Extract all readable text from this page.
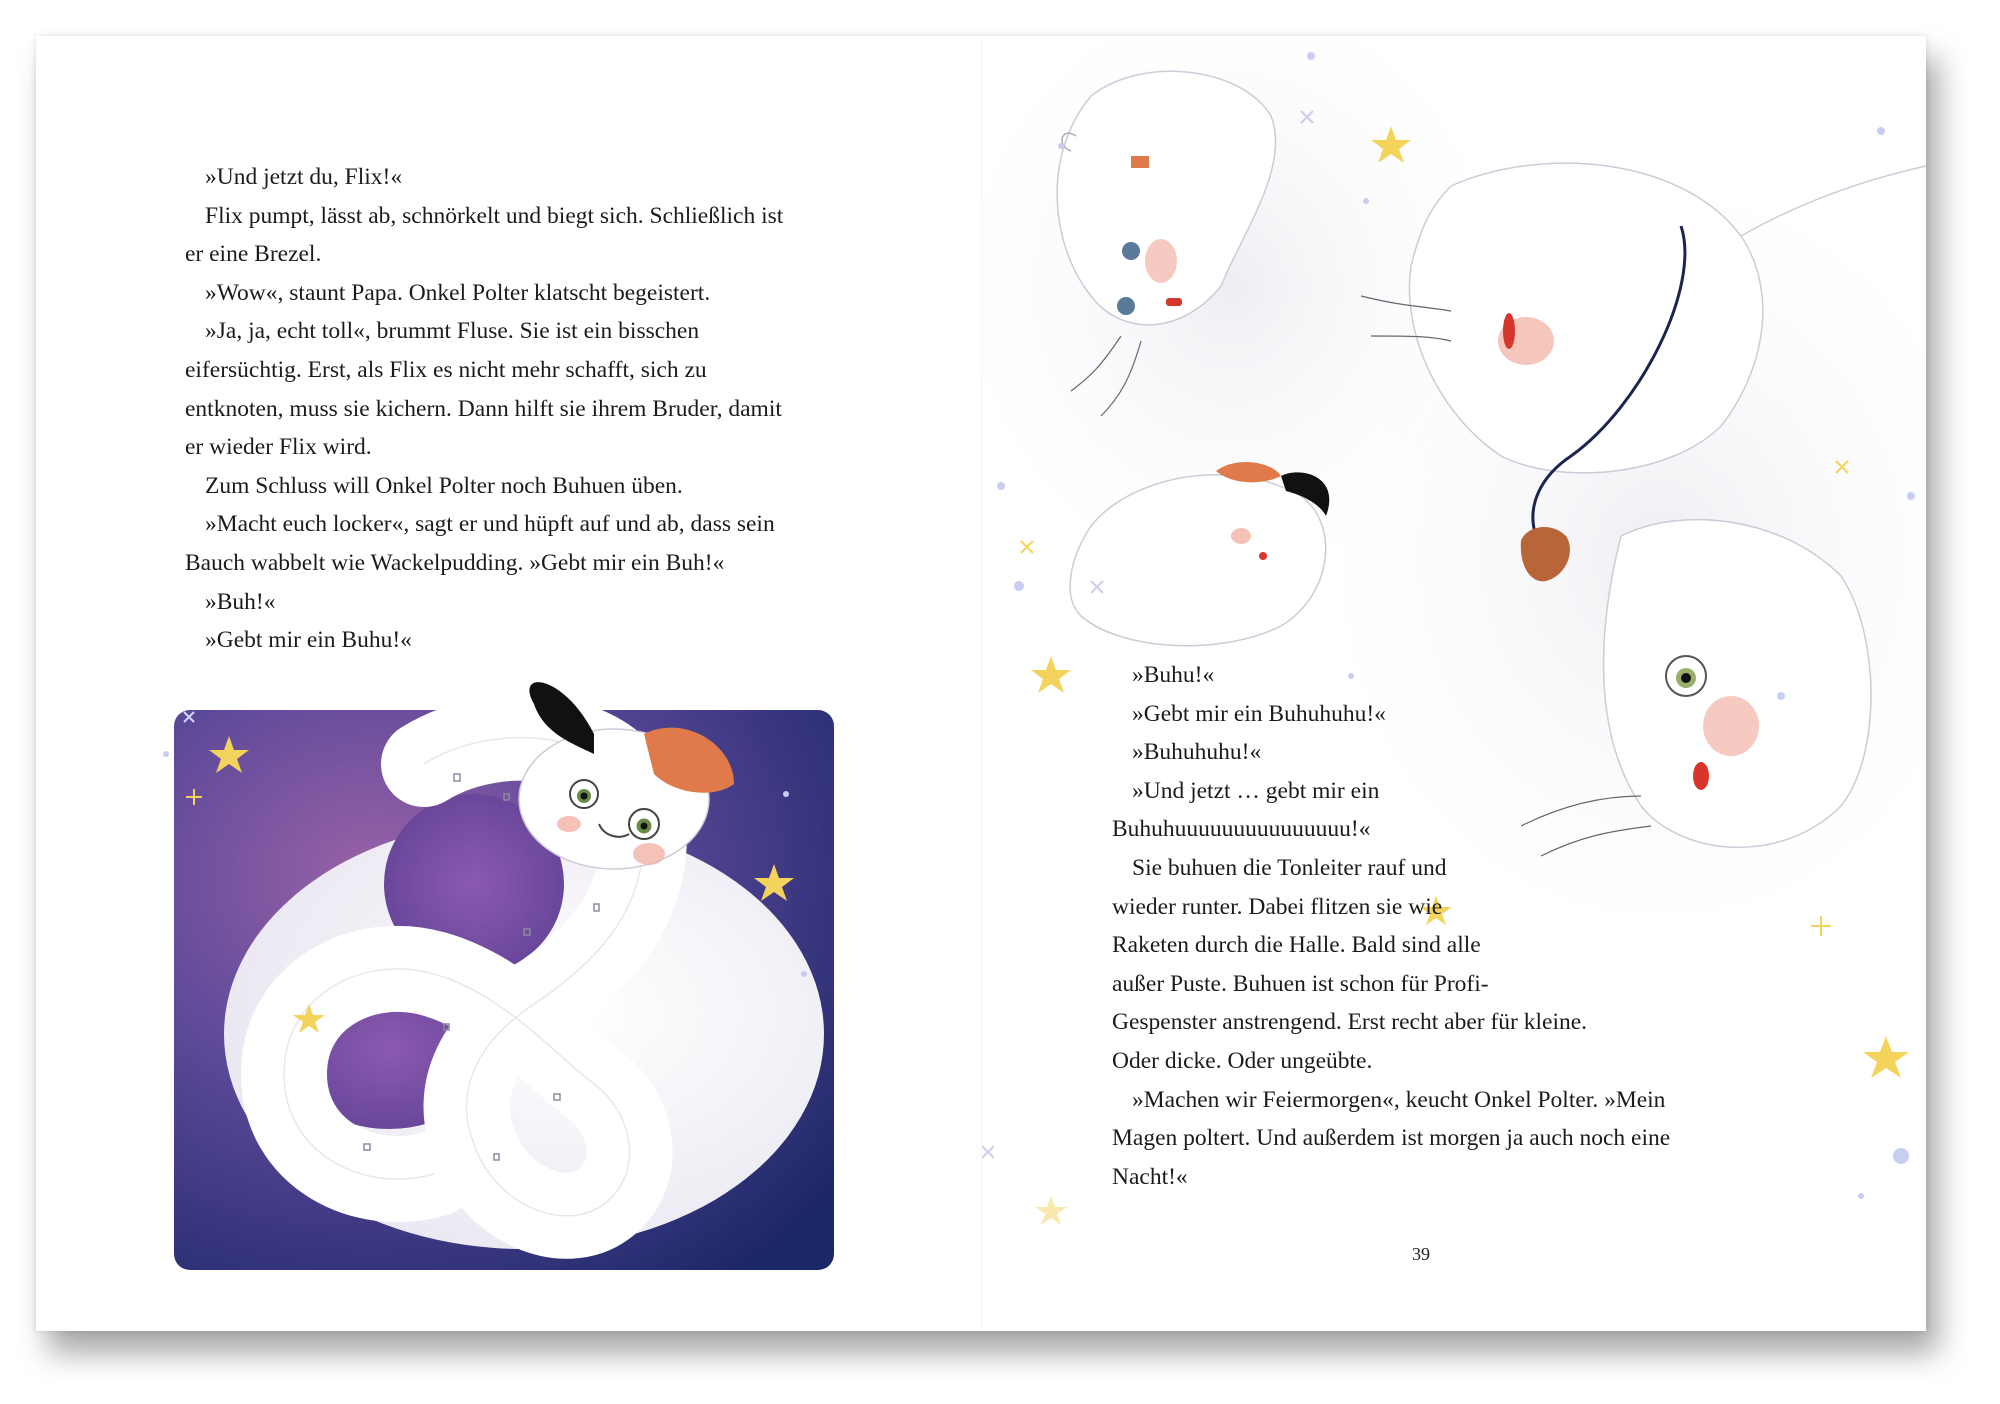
»Und jetzt du, Flix!«
Flix pumpt, lässt ab, schnörkelt und biegt sich. Schließlich ist
er eine Brezel.
»Wow«, staunt Papa. Onkel Polter klatscht begeistert.
»Ja, ja, echt toll«, brummt Fluse. Sie ist ein bisschen
eifersüchtig. Erst, als Flix es nicht mehr schafft, sich zu
entknoten, muss sie kichern. Dann hilft sie ihrem Bruder, damit
er wieder Flix wird.
Zum Schluss will Onkel Polter noch Buhuen üben.
»Macht euch locker«, sagt er und hüpft auf und ab, dass sein
Bauch wabbelt wie Wackelpudding. »Gebt mir ein Buh!«
»Buh!«
»Gebt mir ein Buhu!«
»Buhu!«
»Gebt mir ein Buhuhuhu!«
»Buhuhuhu!«
»Und jetzt … gebt mir ein
Buhuhuuuuuuuuuuuuuuu!«
Sie buhuen die Tonleiter rauf und
wieder runter. Dabei flitzen sie wie
Raketen durch die Halle. Bald sind alle
außer Puste. Buhuen ist schon für Profi-
Gespenster anstrengend. Erst recht aber für kleine.
Oder dicke. Oder ungeübte.
»Machen wir Feiermorgen«, keucht Onkel Polter. »Mein
Magen poltert. Und außerdem ist morgen ja auch noch eine
Nacht!«
39
